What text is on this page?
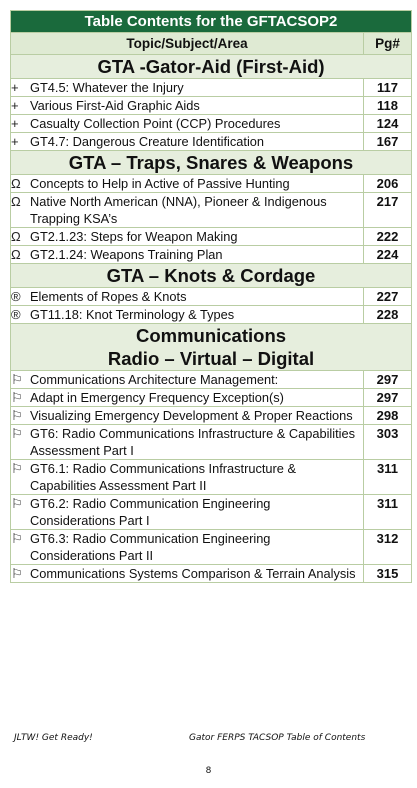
Table Contents for the GFTACSOP2	
Topic/Subject/Area	Pg#

GTA -Gator-Aid (First-Aid)	

+ GT4.5: Whatever the Injury	117

+ Various First-Aid Graphic Aids	118

+ Casualty Collection Point (CCP) Procedures	124

+ GT4.7: Dangerous Creature Identification	167

GTA – Traps, Snares & Weapons	

Ω Concepts to Help in Active of Passive Hunting	206

Ω Native North American (NNA), Pioneer & Indigenous Trapping KSA’s	217

Ω GT2.1.23: Steps for Weapon Making	222

Ω GT2.1.24: Weapons Training Plan	224

GTA – Knots & Cordage	

® Elements of Ropes & Knots	227

® GT11.18: Knot Terminology & Types	228

Communications
Radio – Virtual – Digital	

⚐ Communications Architecture Management:	297

⚐ Adapt in Emergency Frequency Exception(s)	297

⚐ Visualizing Emergency Development & Proper Reactions	298

⚐ GT6: Radio Communications Infrastructure & Capabilities Assessment Part I	303

⚐ GT6.1: Radio Communications Infrastructure & Capabilities Assessment Part II	311

⚐ GT6.2: Radio Communication Engineering Considerations Part I	311

⚐ GT6.3: Radio Communication Engineering Considerations Part II	312

⚐ Communications Systems Comparison & Terrain Analysis	315
JLTW! Get Ready!	Gator FERPS TACSOP Table of Contents
8
